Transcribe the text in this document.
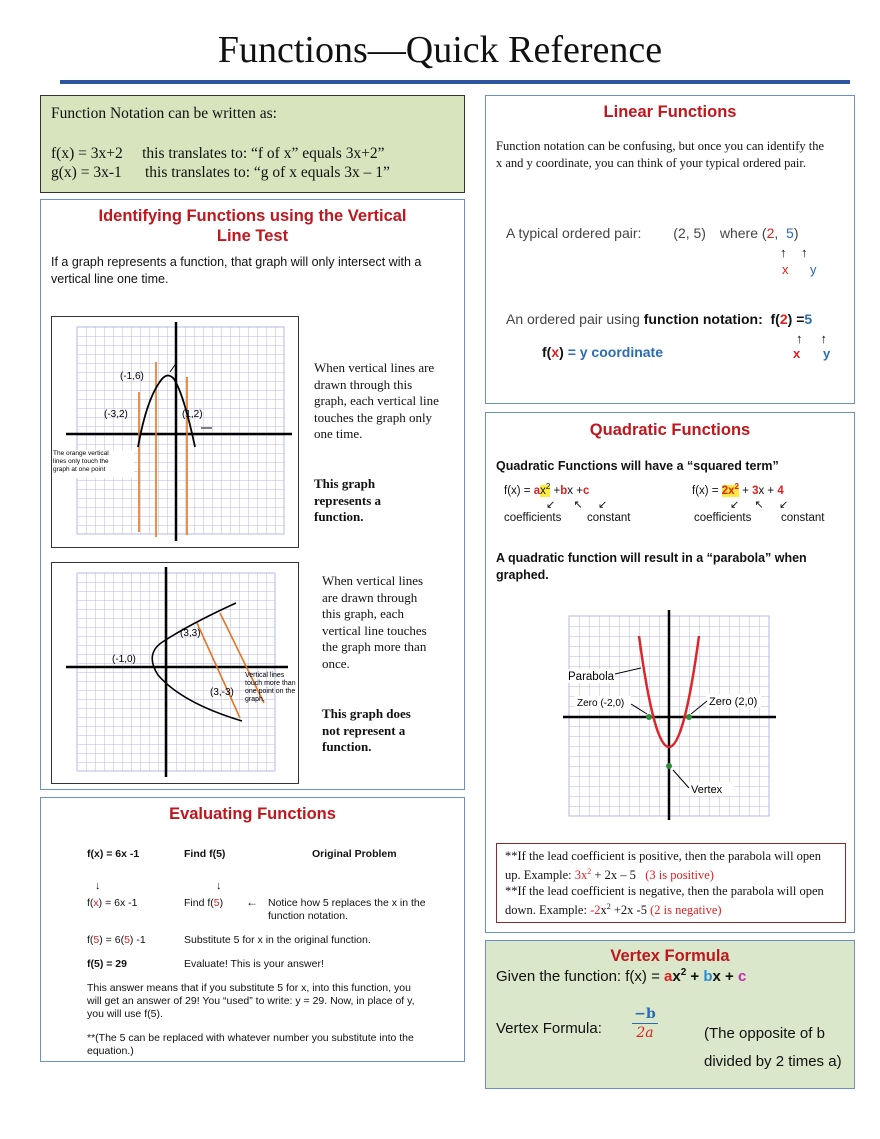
Functions—Quick Reference
Function Notation can be written as:
f(x) = 3x+2 this translates to: “f of x” equals 3x+2”
g(x) = 3x-1 this translates to: “g of x equals 3x – 1”
Identifying Functions using the Vertical Line Test
If a graph represents a function, that graph will only intersect with a vertical line one time.
(-1,6)
(-3,2)	(1,2)
The orange vertical lines only touch the graph at one point
When vertical lines are drawn through this graph, each vertical line touches the graph only one time.
This graph represents a function.
(3,3)
(-1,0)
(3,-3)
Vertical lines touch more than one point on the graph.
When vertical lines are drawn through this graph, each vertical line touches the graph more than once.
This graph does not represent a function.
Evaluating Functions
f(x) = 6x -1	Find f(5)	Original Problem
↓	↓
f(x) = 6x -1	Find f(5) ← Notice how 5 replaces the x in the function notation.
f(5) = 6(5) -1	Substitute 5 for x in the original function.
f(5) = 29	Evaluate! This is your answer!
This answer means that if you substitute 5 for x, into this function, you will get an answer of 29! You “used” to write: y = 29. Now, in place of y, you will use f(5).
**(The 5 can be replaced with whatever number you substitute into the equation.)
Linear Functions
Function notation can be confusing, but once you can identify the x and y coordinate, you can think of your typical ordered pair.
A typical ordered pair: (2, 5) where (2,  5)
↑    ↑
x y
An ordered pair using function notation:  f(2) =5
↑     ↑
f(x) = y coordinate	x y
Quadratic Functions
Quadratic Functions will have a “squared term”
$f(x) = ax^2 +bx +c$
↙      ↖     ↙
coefficients constant
$f(x) = 2x^2 + 3x + 4$
↙     ↖     ↙
coefficients	constant
A quadratic function will result in a “parabola” when graphed.
Parabola
Zero (-2,0)	Zero (2,0)
Vertex
**If the lead coefficient is positive, then the parabola will open up. Example: $3x^2 + 2x - 5$   (3 is positive)
**If the lead coefficient is negative, then the parabola will open down. Example: $-2x^2 +2x$ -5 (2 is negative)
Vertex Formula
Given the function: $f(x) = ax^2$ + bx + c
Vertex Formula: $\frac{-b}{2a}$	(The opposite of b divided by 2 times a)
